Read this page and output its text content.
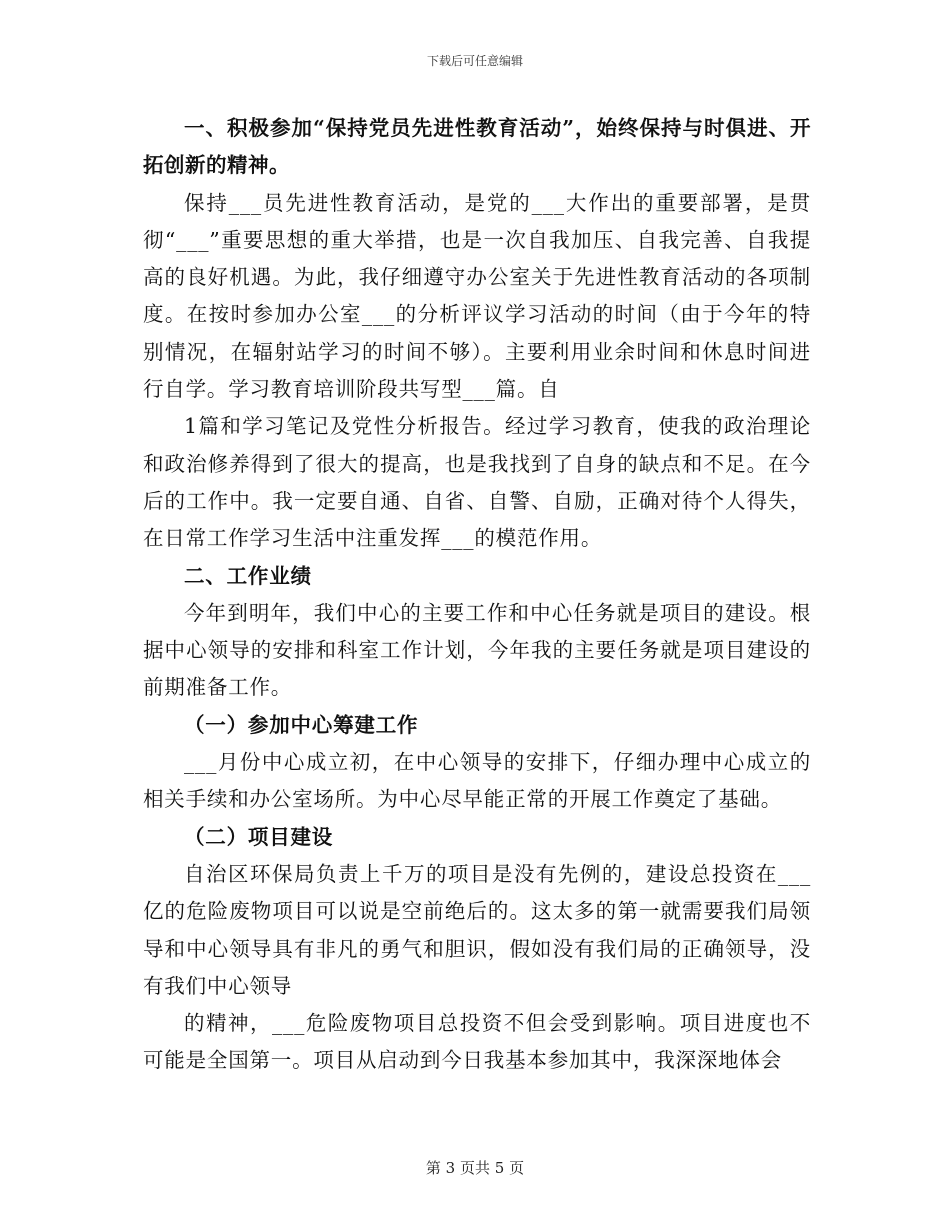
下载后可任意编辑

一、积极参加“保持党员先进性教育活动”，始终保持与时俱进、开拓创新的精神。

保持___员先进性教育活动，是党的___大作出的重要部署，是贯彻“___”重要思想的重大举措，也是一次自我加压、自我完善、自我提高的良好机遇。为此，我仔细遵守办公室关于先进性教育活动的各项制度。在按时参加办公室___的分析评议学习活动的时间（由于今年的特别情况，在辐射站学习的时间不够）。主要利用业余时间和休息时间进行自学。学习教育培训阶段共写型___篇。自

1篇和学习笔记及党性分析报告。经过学习教育，使我的政治理论和政治修养得到了很大的提高，也是我找到了自身的缺点和不足。在今后的工作中。我一定要自通、自省、自警、自励，正确对待个人得失，在日常工作学习生活中注重发挥___的模范作用。

二、工作业绩

今年到明年，我们中心的主要工作和中心任务就是项目的建设。根据中心领导的安排和科室工作计划，今年我的主要任务就是项目建设的前期准备工作。

（一）参加中心筹建工作

___月份中心成立初，在中心领导的安排下，仔细办理中心成立的相关手续和办公室场所。为中心尽早能正常的开展工作奠定了基础。

（二）项目建设

自治区环保局负责上千万的项目是没有先例的，建设总投资在___亿的危险废物项目可以说是空前绝后的。这太多的第一就需要我们局领导和中心领导具有非凡的勇气和胆识，假如没有我们局的正确领导，没有我们中心领导

的精神，___危险废物项目总投资不但会受到影响。项目进度也不可能是全国第一。项目从启动到今日我基本参加其中，我深深地体会

第 3 页共 5 页
